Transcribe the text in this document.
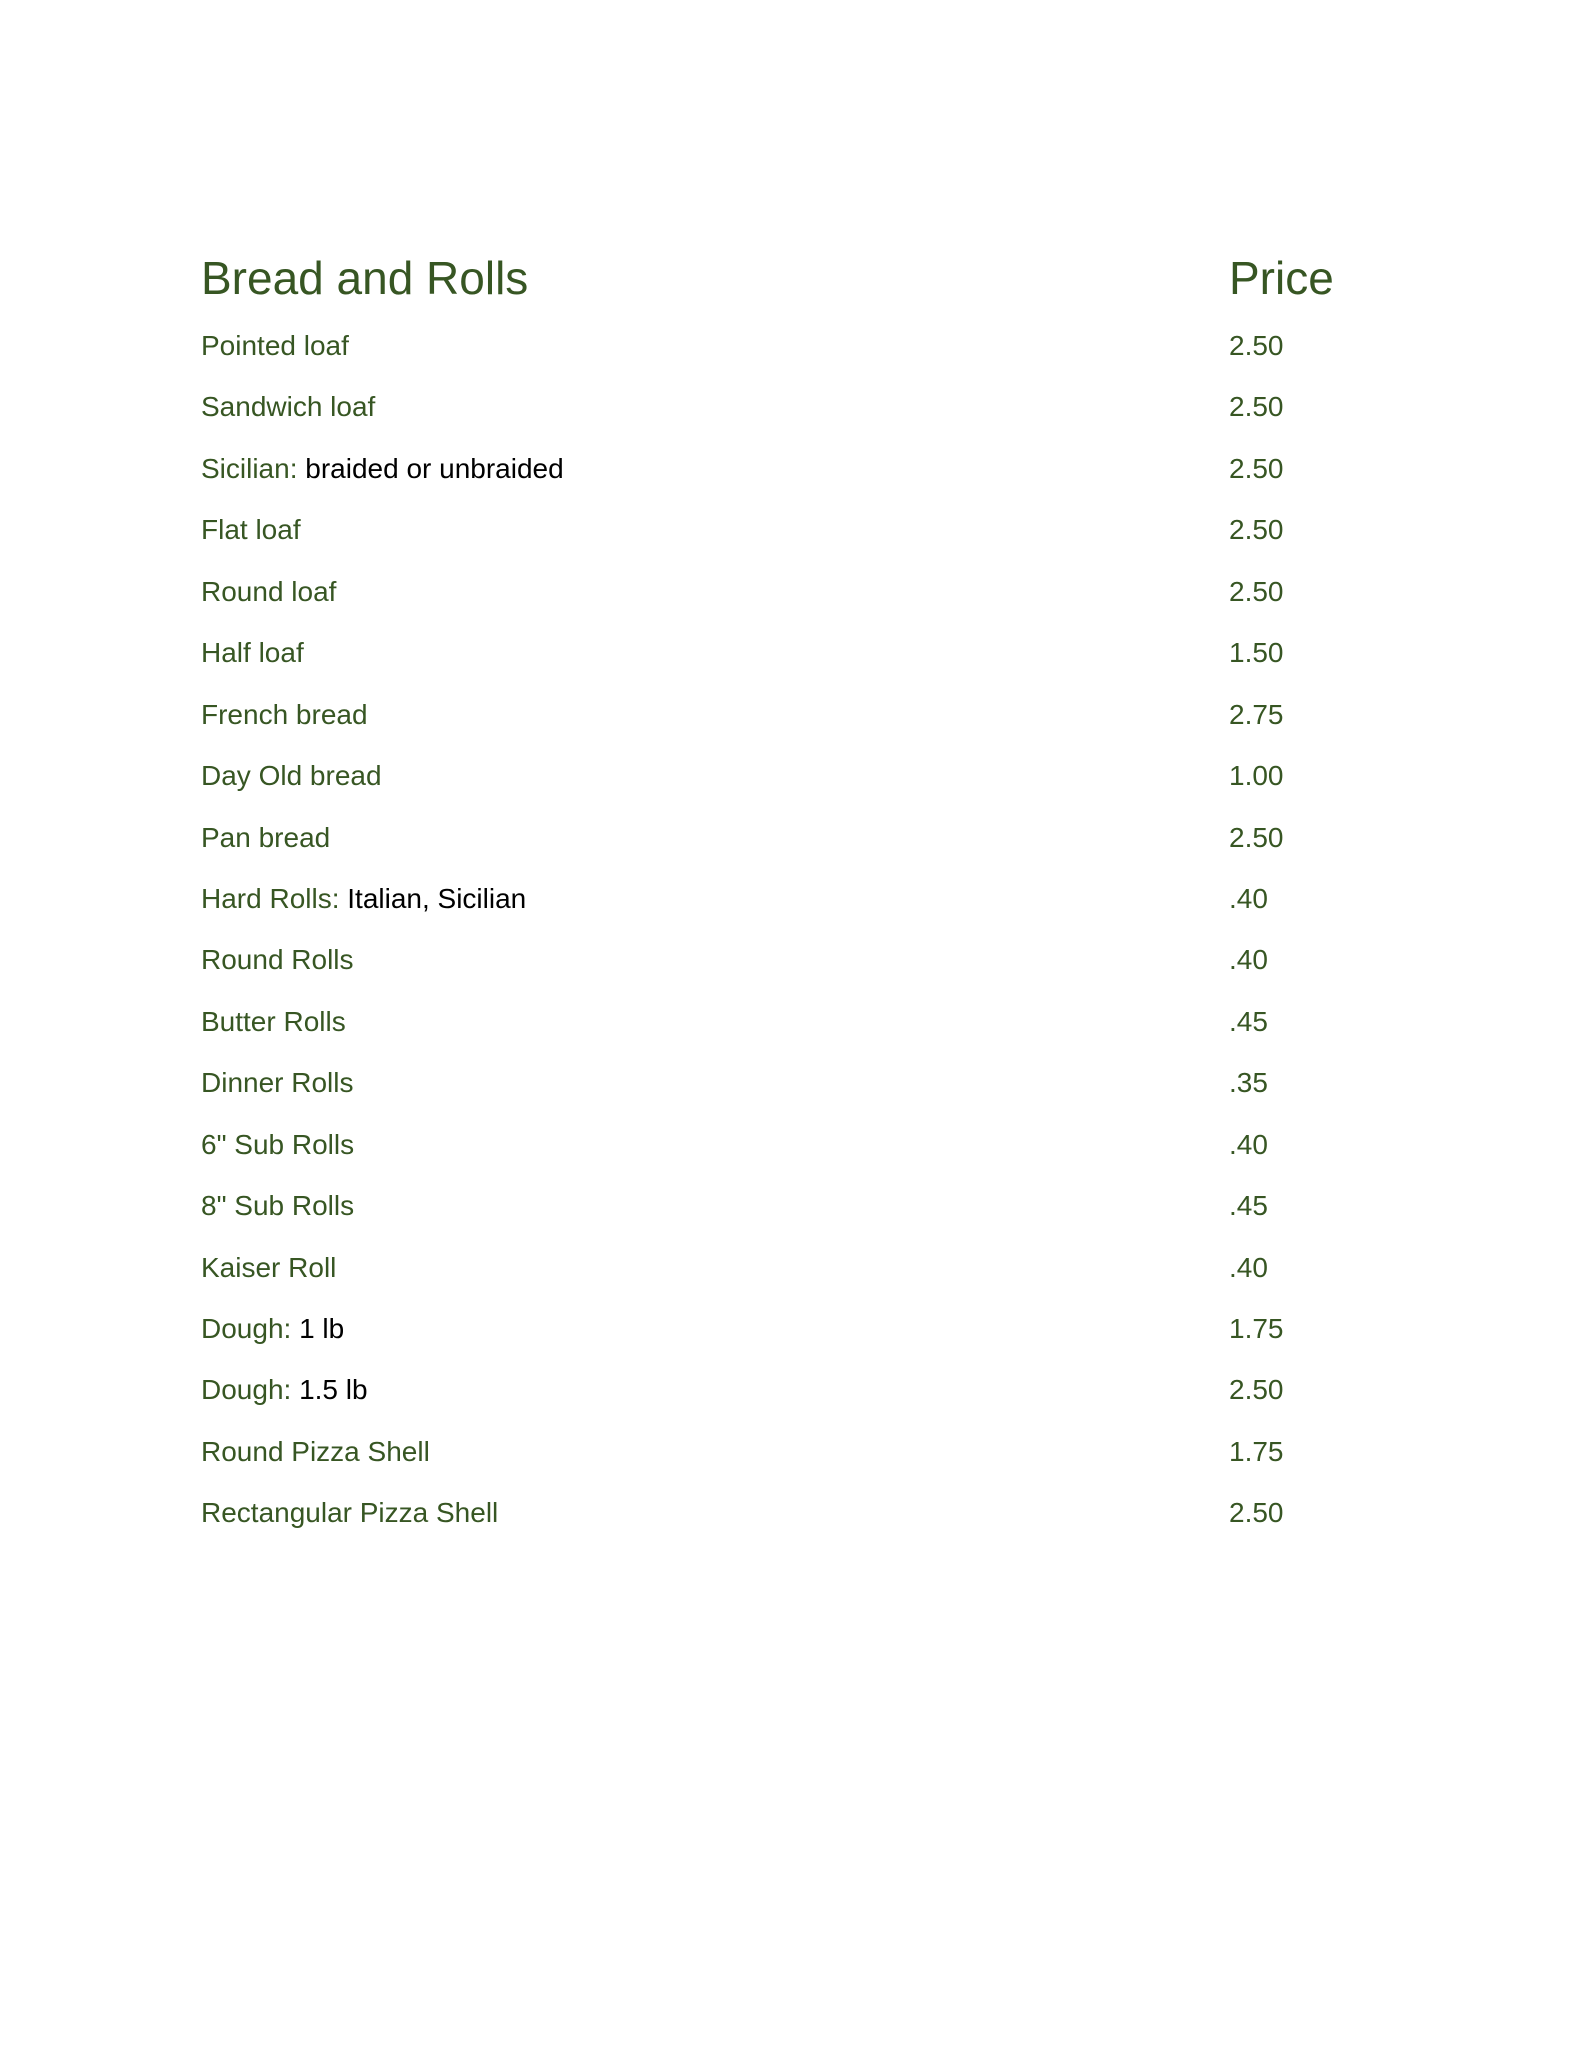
Bread and Rolls	Price
Pointed loaf	2.50
Sandwich loaf	2.50
Sicilian: braided or unbraided	2.50
Flat loaf	2.50
Round loaf	2.50
Half loaf	1.50
French bread	2.75
Day Old bread	1.00
Pan bread	2.50
Hard Rolls: Italian, Sicilian	.40
Round Rolls	.40
Butter Rolls	.45
Dinner Rolls	.35
6" Sub Rolls	.40
8" Sub Rolls	.45
Kaiser Roll	.40
Dough: 1 lb	1.75
Dough: 1.5 lb	2.50
Round Pizza Shell	1.75
Rectangular Pizza Shell	2.50
